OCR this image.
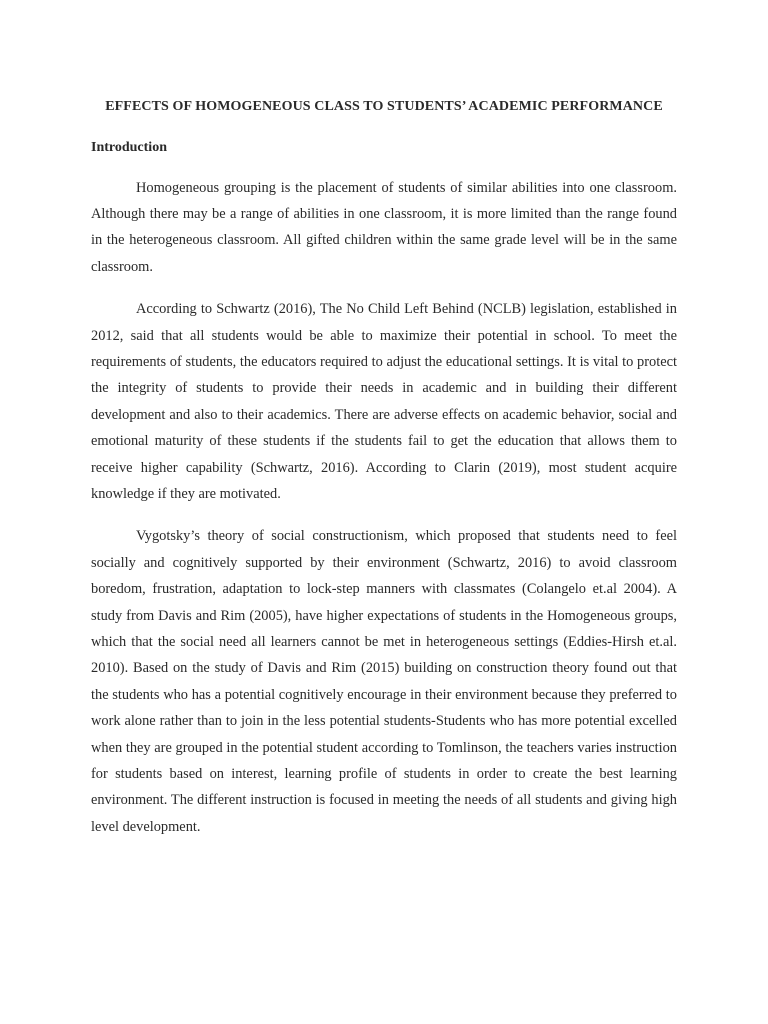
EFFECTS OF HOMOGENEOUS CLASS TO STUDENTS’ ACADEMIC PERFORMANCE
Introduction

Homogeneous grouping is the placement of students of similar abilities into one classroom. Although there may be a range of abilities in one classroom, it is more limited than the range found in the heterogeneous classroom. All gifted children within the same grade level will be in the same classroom.

According to Schwartz (2016), The No Child Left Behind (NCLB) legislation, established in 2012, said that all students would be able to maximize their potential in school. To meet the requirements of students, the educators required to adjust the educational settings. It is vital to protect the integrity of students to provide their needs in academic and in building their different development and also to their academics. There are adverse effects on academic behavior, social and emotional maturity of these students if the students fail to get the education that allows them to receive higher capability (Schwartz, 2016). According to Clarin (2019), most student acquire knowledge if they are motivated.

Vygotsky’s theory of social constructionism, which proposed that students need to feel socially and cognitively supported by their environment (Schwartz, 2016) to avoid classroom boredom, frustration, adaptation to lock-step manners with classmates (Colangelo et.al 2004). A study from Davis and Rim (2005), have higher expectations of students in the Homogeneous groups, which that the social need all learners cannot be met in heterogeneous settings (Eddies-Hirsh et.al. 2010). Based on the study of Davis and Rim (2015) building on construction theory found out that the students who has a potential cognitively encourage in their environment because they preferred to work alone rather than to join in the less potential students-Students who has more potential excelled when they are grouped in the potential student according to Tomlinson, the teachers varies instruction for students based on interest, learning profile of students in order to create the best learning environment. The different instruction is focused in meeting the needs of all students and giving high level development.
